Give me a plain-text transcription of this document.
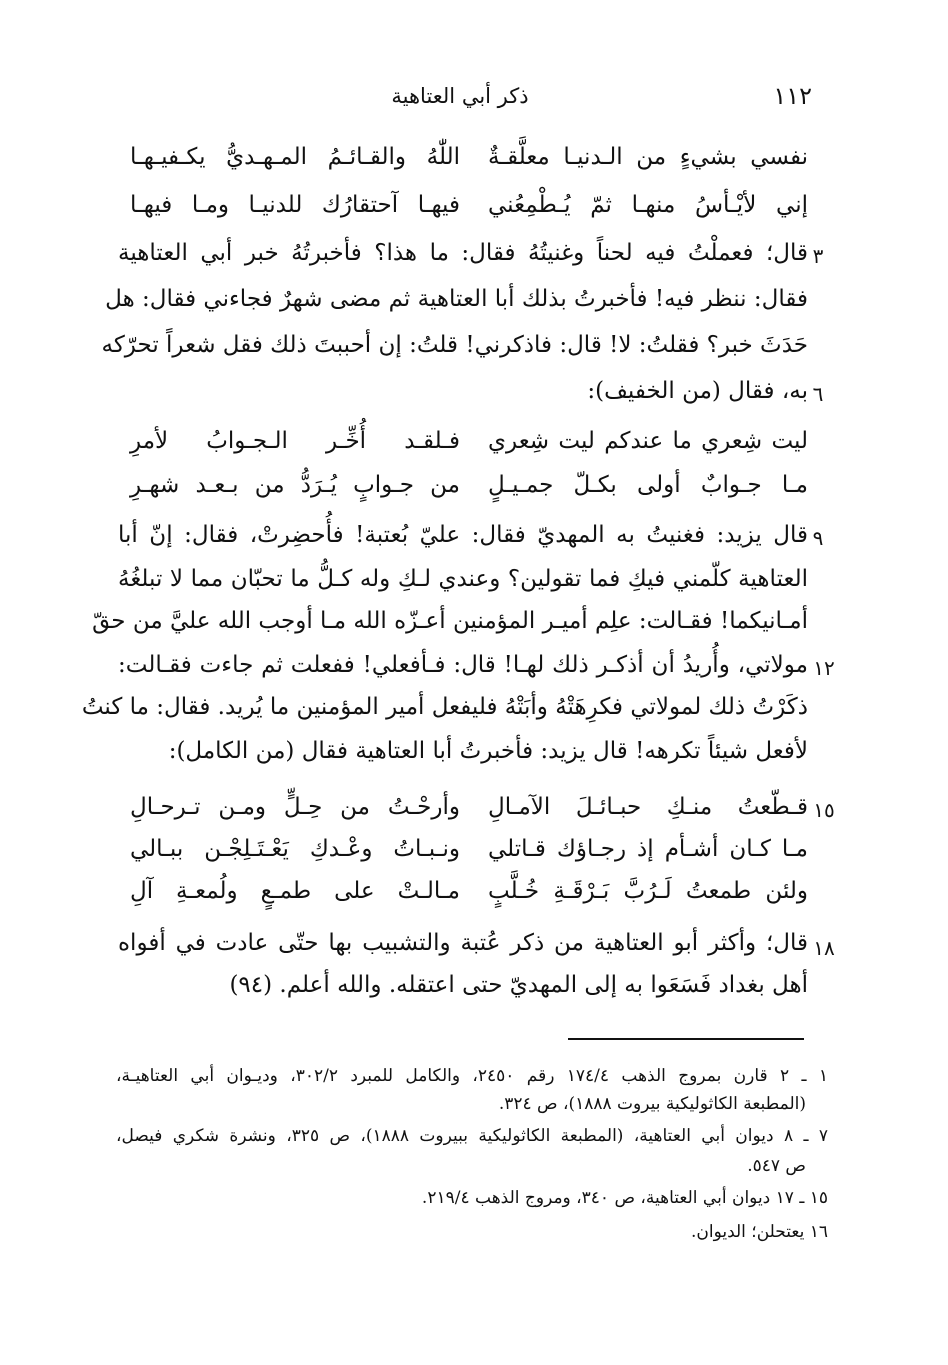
١١٢
ذكر أبي العتاهية
نفسي بشيءٍ من الـدنيـا معلَّقـةٌ
اللّٰهُ والقـائـمُ المـهـديُّ يكـفيـهـا
إني لأيْـأسُ منهـا ثمّ يُـطْمِعُني
فيهـا آحتقارُك للدنيـا ومـا فيهـا
٣
قال؛ فعملْتُ فيه لحناً وغنيتُهُ فقال: ما هذا؟ فأخبرتُهُ خبر أبي العتاهية
فقال: ننظر فيه! فأخبرتُ بذلك أبا العتاهية ثم مضى شهرٌ فجاءني فقال: هل
حَدَثَ خبر؟ فقلتُ: لا! قال: فاذكرني! قلتُ: إن أحببتَ ذلك فقل شعراً تحرّكه
٦
به، فقال (من الخفيف):
ليت شِعري ما عندكم ليت شِعري
فـلقـد أُخِّـر الـجـوابُ لأمرِ
مـا جـوابٌ أولى بكـلّ جمـيـلٍ
من جـوابٍ يُـرَدُّ من بـعـد شهـرِ
٩
قال يزيد: فغنيتُ به المهديّ فقال: عليّ بُعتبة! فأُحضِرتْ، فقال: إنّ أبا
العتاهية كلّمني فيكِ فما تقولين؟ وعندي لـكِ وله كـلُّ ما تحبّان مما لا تبلغُهُ
أمـانيكما! فقـالت: علِم أميـر المؤمنين أعـزّه الله مـا أوجب الله عليَّ من حقّ
١٢
مولاتي، وأُريدُ أن أذكـر ذلك لهـا! قال: فـأفعلي! ففعلت ثم جاءت فقـالت:
ذكَرْتُ ذلك لمولاتي فكرِهَتْهُ وأبَتْهُ فليفعل أمير المؤمنين ما يُريد. فقال: ما كنتُ
لأفعل شيئاً تكرهه! قال يزيد: فأخبرتُ أبا العتاهية فقال (من الكامل):
١٥
قـطّعتُ منـكِ حبـائـلَ الآمـالِ
وأرحْـتُ من حِـلٍّ ومـن تـرحـالِ
مـا كـان أشـأم إذ رجـاؤك قـاتلي
ونـبـاتُ وعْـدكِ يَعْـتَـلِجْـن ببـالي
ولئن طمعتُ لَـرُبَّ بَـرْقَـةِ خُـلَّبٍ
مـالـتْ على طمـعٍ ولُمعـةِ آلِ
١٨
قال؛ وأكثر أبو العتاهية من ذكر عُتبة والتشبيب بها حتّى عادت في أفواه
أهل بغداد فَسَعَوا به إلى المهديّ حتى اعتقله. والله أعلم. (٩٤)
١ ـ ٢ قارن بمروج الذهب ١٧٤/٤ رقم ٢٤٥٠، والكامل للمبرد ٣٠٢/٢، وديـوان أبي العتاهيـة،
(المطبعة الكاثوليكية بيروت ١٨٨٨)، ص ٣٢٤.
٧ ـ ٨ ديوان أبي العتاهية، (المطبعة الكاثوليكية ببيروت ١٨٨٨)، ص ٣٢٥، ونشرة شكري فيصل،
ص ٥٤٧.
١٥ ـ ١٧ ديوان أبي العتاهية، ص ٣٤٠، ومروج الذهب ٢١٩/٤.
١٦ يعتحلن؛ الديوان.
